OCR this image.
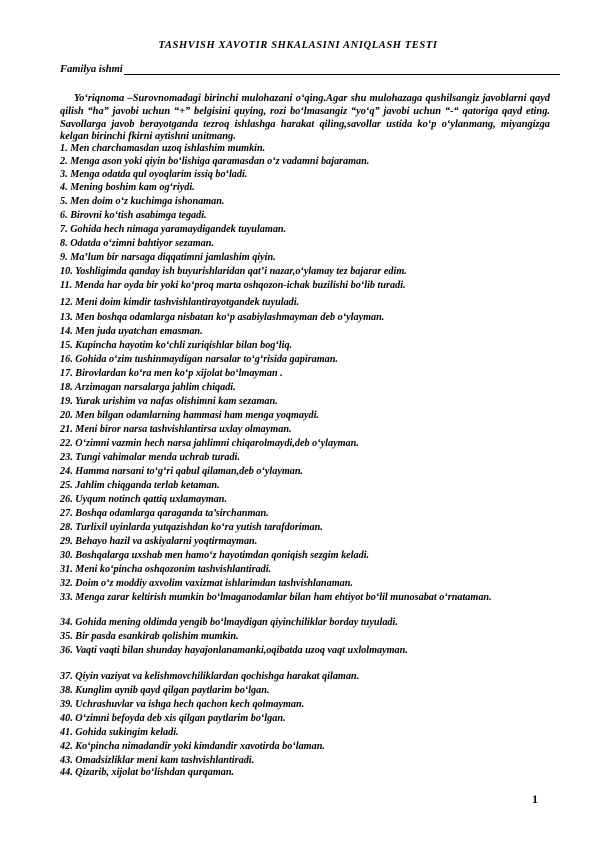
TASHVISH XAVOTIR SHKALASINI ANIQLASH TESTI
Familya ishmi

Yo‘riqnoma –Surovnomadagi birinchi mulohazani o‘qing.Agar shu mulohazaga qushilsangiz javoblarni qayd qilish “ha” javobi uchun “+” belgisini quying, rozi bo‘lmasangiz “yo‘q” javobi uchun “-“ qatoriga qayd eting. Savollarga javob berayotganda tezroq ishlashga harakat qiling,savollar ustida ko‘p o‘ylanmang, miyangizga kelgan birinchi fkirni aytishni unitmang.

1. Men charchamasdan uzoq ishlashim mumkin.
2. Menga ason yoki qiyin bo‘lishiga qaramasdan o‘z vadamni bajaraman.
3. Menga odatda qul oyoqlarim issiq bo‘ladi.
4. Mening boshim kam og‘riydi.
5. Men doim o‘z kuchimga ishonaman.
6. Birovni ko‘tish asabimga tegadi.
7. Gohida hech nimaga yaramaydigandek tuyulaman.
8. Odatda o‘zimni bahtiyor sezaman.
9. Ma’lum bir narsaga diqqatimni jamlashim qiyin.
10. Yoshligimda qanday ish buyurishlaridan qat’i nazar,o‘ylamay tez bajarar edim.
11. Menda har oyda bir yoki ko‘proq marta oshqozon-ichak buzilishi bo‘lib turadi.
12. Meni doim kimdir tashvishlantirayotgandek tuyuladi.
13. Men boshqa odamlarga nisbatan ko‘p asabiylashmayman deb o‘ylayman.
14. Men juda uyatchan emasman.
15. Kupincha hayotim ko‘chli zuriqishlar bilan bog‘liq.
16. Gohida o‘zim tushinmaydigan narsalar to‘g‘risida gapiraman.
17. Birovlardan ko‘ra men ko‘p xijolat bo‘lmayman .
18. Arzimagan narsalarga jahlim chiqadi.
19. Yurak urishim va nafas olishimni kam sezaman.
20. Men bilgan odamlarning hammasi ham menga yoqmaydi.
21. Meni biror narsa tashvishlantirsa uxlay olmayman.
22. O‘zimni vazmin hech narsa jahlimni chiqarolmaydi,deb o‘ylayman.
23. Tungi vahimalar menda uchrab turadi.
24. Hamma narsani to‘g‘ri qabul qilaman,deb o‘ylayman.
25. Jahlim chiqganda terlab ketaman.
26. Uyqum notinch qattiq uxlamayman.
27. Boshqa odamlarga qaraganda ta’sirchanman.
28. Turlixil uyinlarda yutqazishdan ko‘ra yutish tarafdoriman.
29. Behayo hazil va askiyalarni yoqtirmayman.
30. Boshqalarga uxshab men hamo‘z hayotimdan qoniqish sezgim keladi.
31. Meni ko‘pincha oshqozonim tashvishlantiradi.
32. Doim o‘z moddiy axvolim vaxizmat ishlarimdan tashvishlanaman.
33. Menga zarar keltirish mumkin bo‘lmaganodamlar bilan ham ehtiyot bo‘lil munosabat o‘rnataman.
34. Gohida mening oldimda yengib bo‘lmaydigan qiyinchiliklar borday tuyuladi.
35. Bir pasda esankirab qolishim mumkin.
36. Vaqti vaqti bilan shunday hayajonlanamanki,oqibatda uzoq vaqt uxlolmayman.
37. Qiyin vaziyat va kelishmovchiliklardan qochishga harakat qilaman.
38. Kunglim aynib qayd qilgan paytlarim bo‘lgan.
39. Uchrashuvlar va ishga hech qachon kech qolmayman.
40. O‘zimni befoyda deb xis qilgan paytlarim bo‘lgan.
41. Gohida sukingim keladi.
42. Ko‘pincha nimadandir yoki kimdandir xavotirda bo‘laman.
43. Omadsizliklar meni kam tashvishlantiradi.
44. Qizarib, xijolat bo‘lishdan qurqaman.
1
